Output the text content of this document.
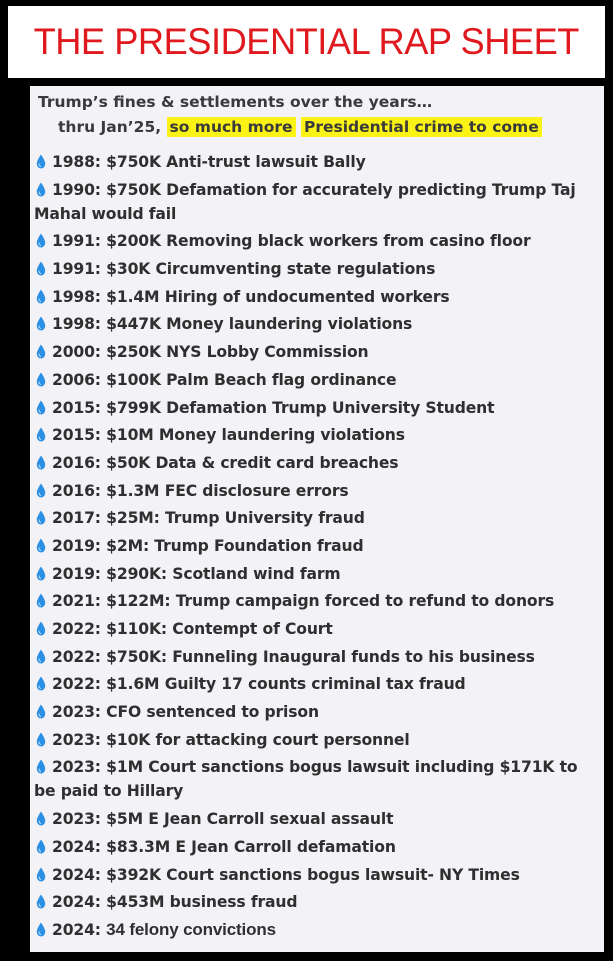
THE PRESIDENTIAL RAP SHEET
Trump’s fines & settlements over the years…
thru Jan’25, so much more Presidential crime to come
1988: $750K Anti-trust lawsuit Bally
1990: $750K Defamation for accurately predicting Trump Taj Mahal would fail
1991: $200K Removing black workers from casino floor
1991: $30K Circumventing state regulations
1998: $1.4M Hiring of undocumented workers
1998: $447K Money laundering violations
2000: $250K NYS Lobby Commission
2006: $100K Palm Beach flag ordinance
2015: $799K Defamation Trump University Student
2015: $10M Money laundering violations
2016: $50K Data & credit card breaches
2016: $1.3M FEC disclosure errors
2017: $25M: Trump University fraud
2019: $2M: Trump Foundation fraud
2019: $290K: Scotland wind farm
2021: $122M: Trump campaign forced to refund to donors
2022: $110K: Contempt of Court
2022: $750K: Funneling Inaugural funds to his business
2022: $1.6M Guilty 17 counts criminal tax fraud
2023: CFO sentenced to prison
2023: $10K for attacking court personnel
2023: $1M Court sanctions bogus lawsuit including $171K to be paid to Hillary
2023: $5M E Jean Carroll sexual assault
2024: $83.3M E Jean Carroll defamation
2024: $392K Court sanctions bogus lawsuit- NY Times
2024: $453M business fraud
2024: 34 felony convictions
